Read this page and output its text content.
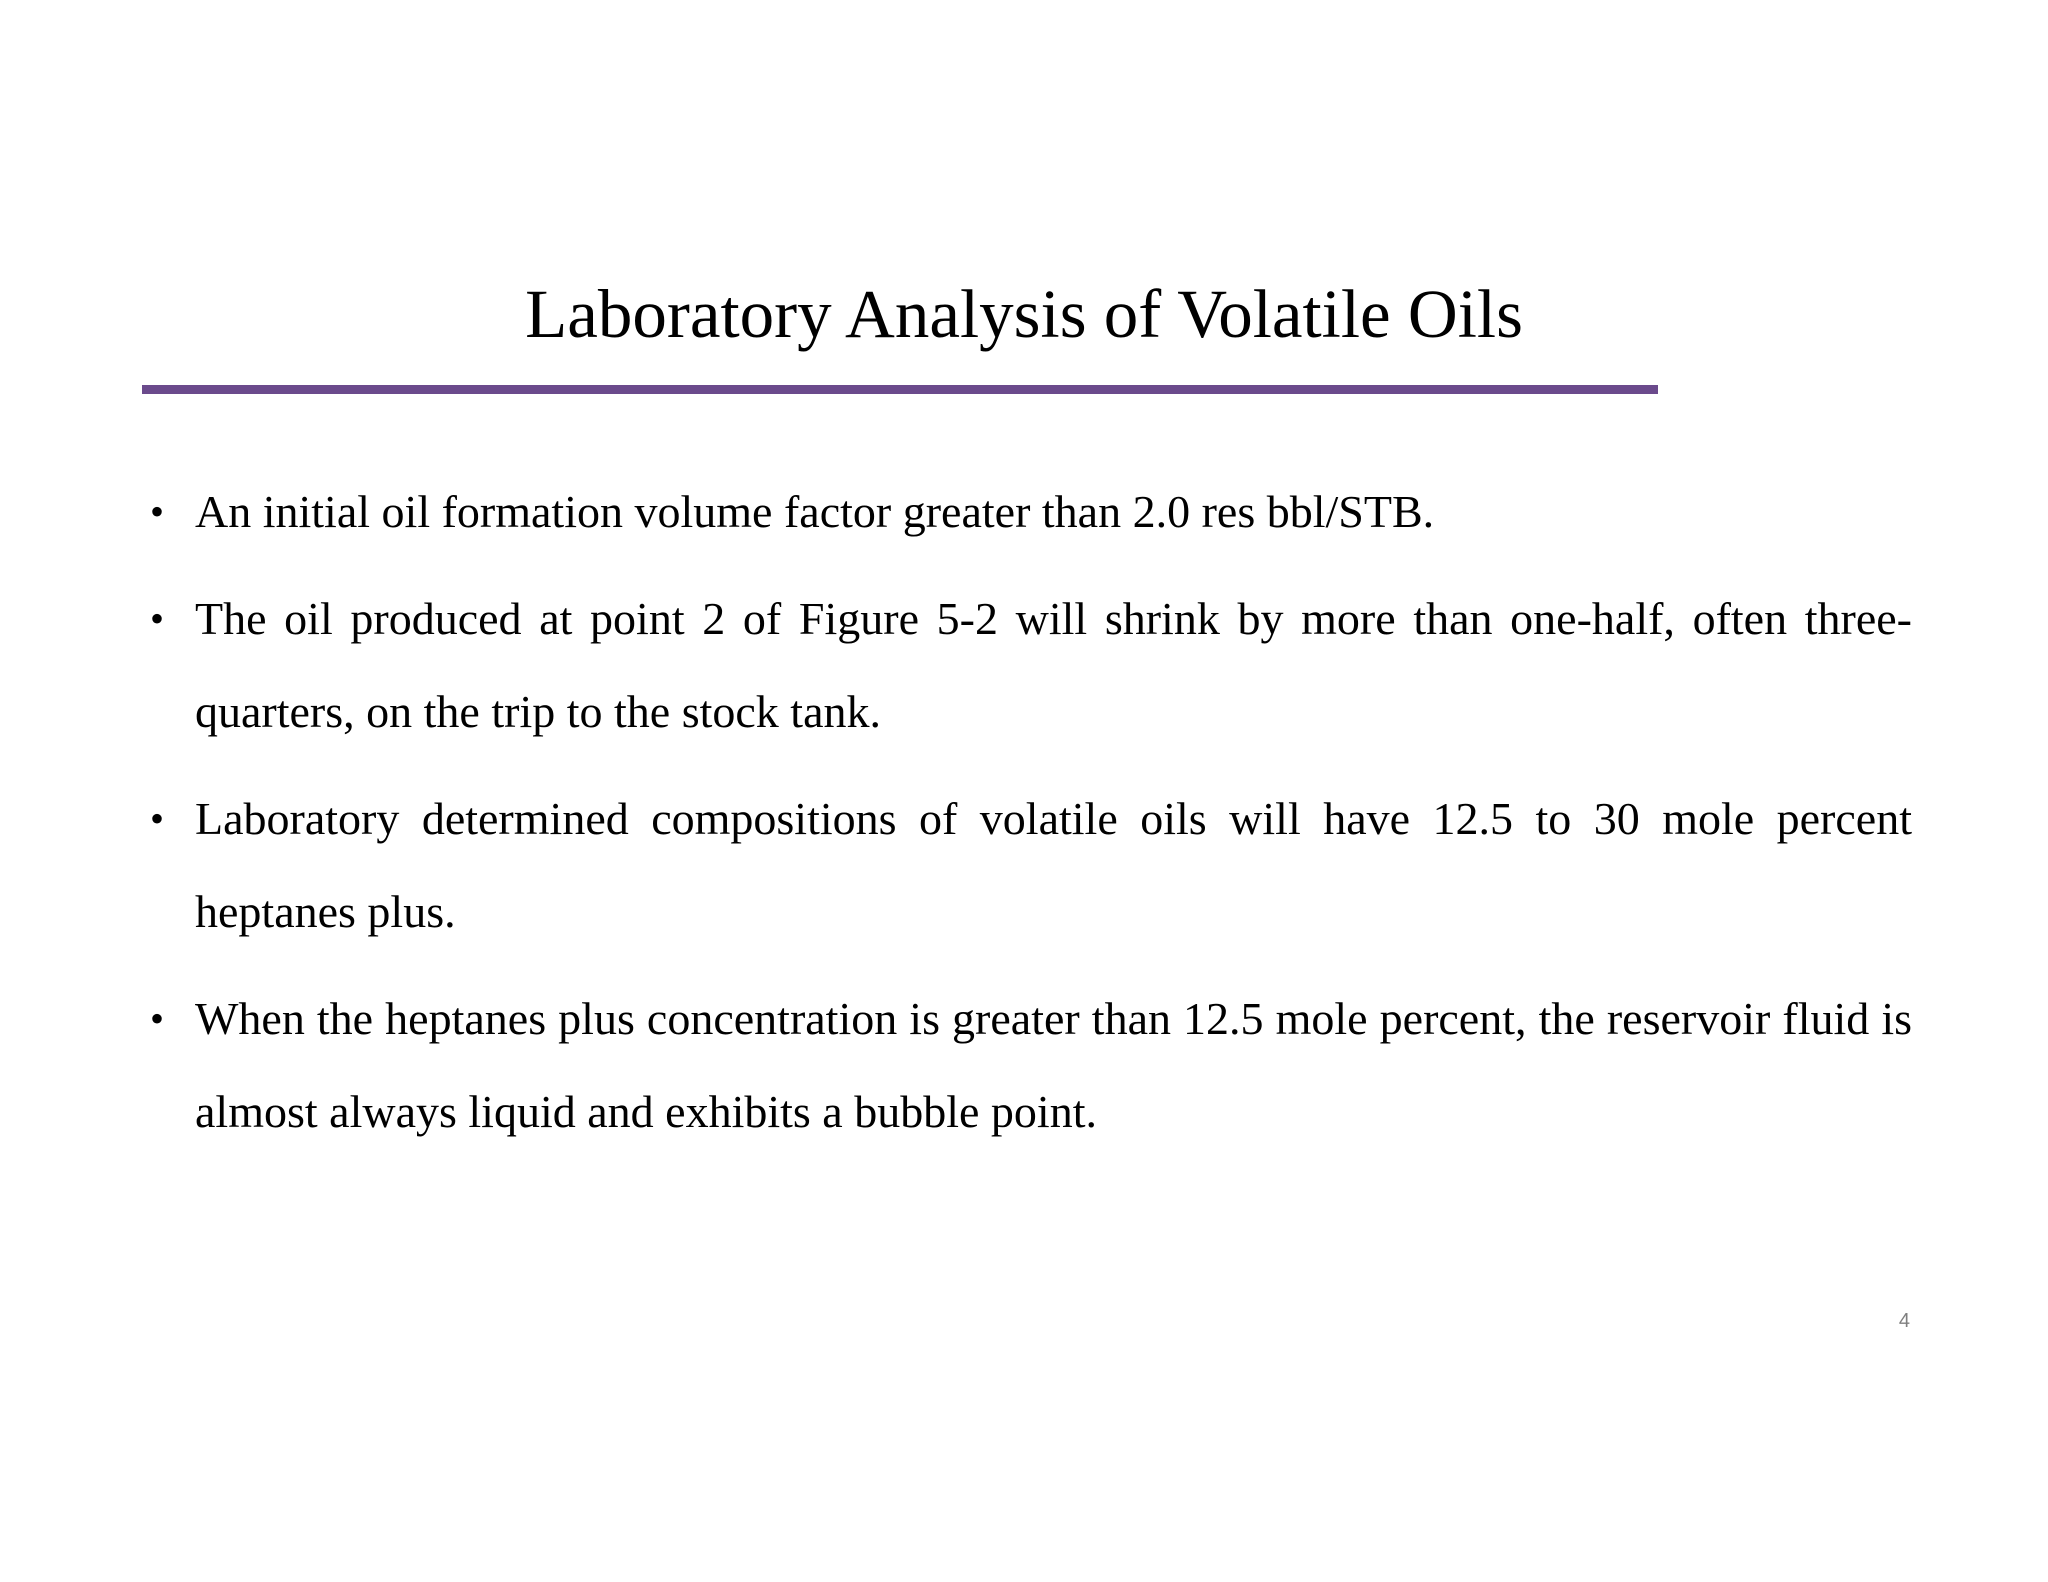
Laboratory Analysis of Volatile Oils
• An initial oil formation volume factor greater than 2.0 res bbl/STB.
• The oil produced at point 2 of Figure 5-2 will shrink by more than one-half, often three- quarters, on the trip to the stock tank.
• Laboratory determined compositions of volatile oils will have 12.5 to 30 mole percent heptanes plus.
• When the heptanes plus concentration is greater than 12.5 mole percent, the reservoir fluid is almost always liquid and exhibits a bubble point.
4
